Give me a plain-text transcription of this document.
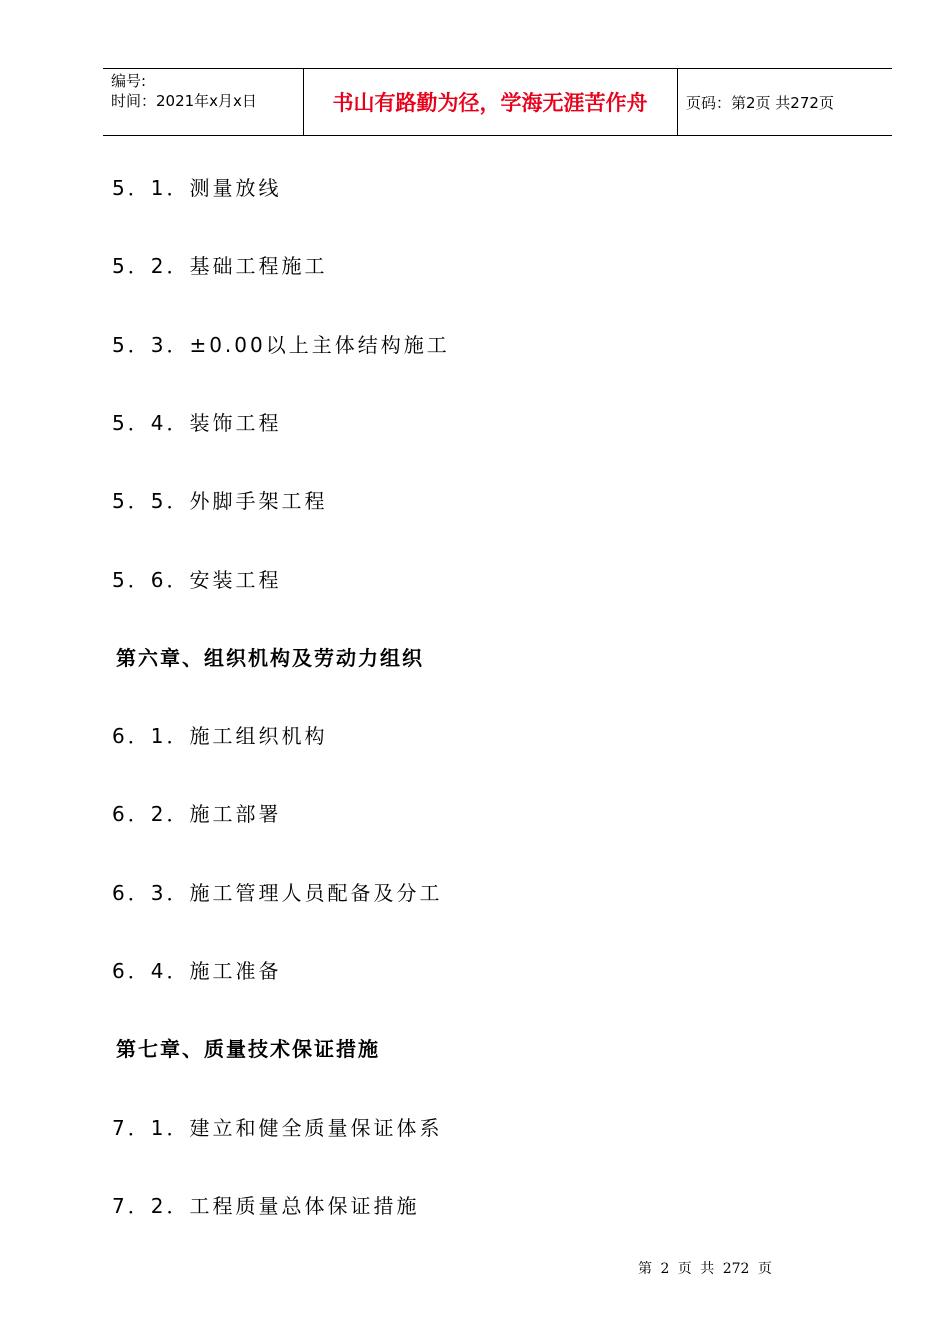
编号:
时间：2021年x月x日	书山有路勤为径，学海无涯苦作舟	页码：第2页 共272页
5．1．测量放线
5．2．基础工程施工
5．3．±0.00以上主体结构施工
5．4．装饰工程
5．5．外脚手架工程
5．6．安装工程
第六章、组织机构及劳动力组织
6．1．施工组织机构
6．2．施工部署
6．3．施工管理人员配备及分工
6．4．施工准备
第七章、质量技术保证措施
7．1．建立和健全质量保证体系
7．2．工程质量总体保证措施
第 2 页 共 272 页
